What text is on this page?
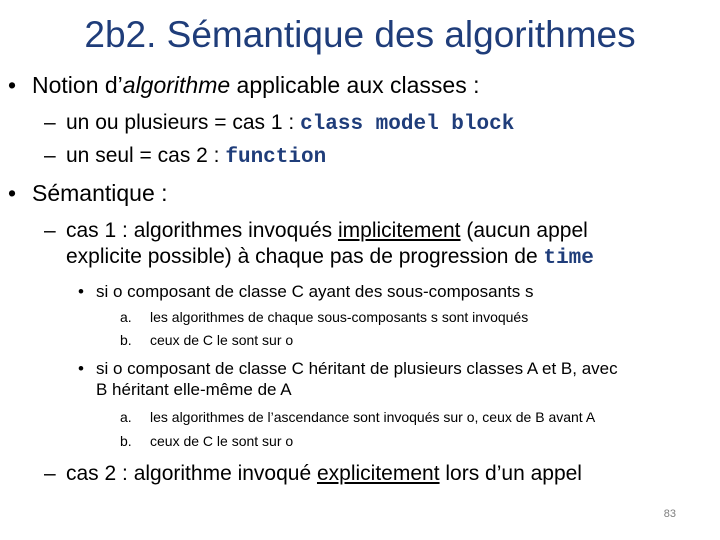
2b2. Sémantique des algorithmes
• Notion d’algorithme applicable aux classes :
– un ou plusieurs = cas 1 : class model block
– un seul = cas 2 : function
• Sémantique :
– cas 1 : algorithmes invoqués implicitement (aucun appel
explicite possible) à chaque pas de progression de time
• si o composant de classe C ayant des sous-composants s
a. les algorithmes de chaque sous-composants s sont invoqués
b. ceux de C le sont sur o
• si o composant de classe C héritant de plusieurs classes A et B, avec
B héritant elle-même de A
a. les algorithmes de l’ascendance sont invoqués sur o, ceux de B avant A
b. ceux de C le sont sur o
– cas 2 : algorithme invoqué explicitement lors d’un appel
83
